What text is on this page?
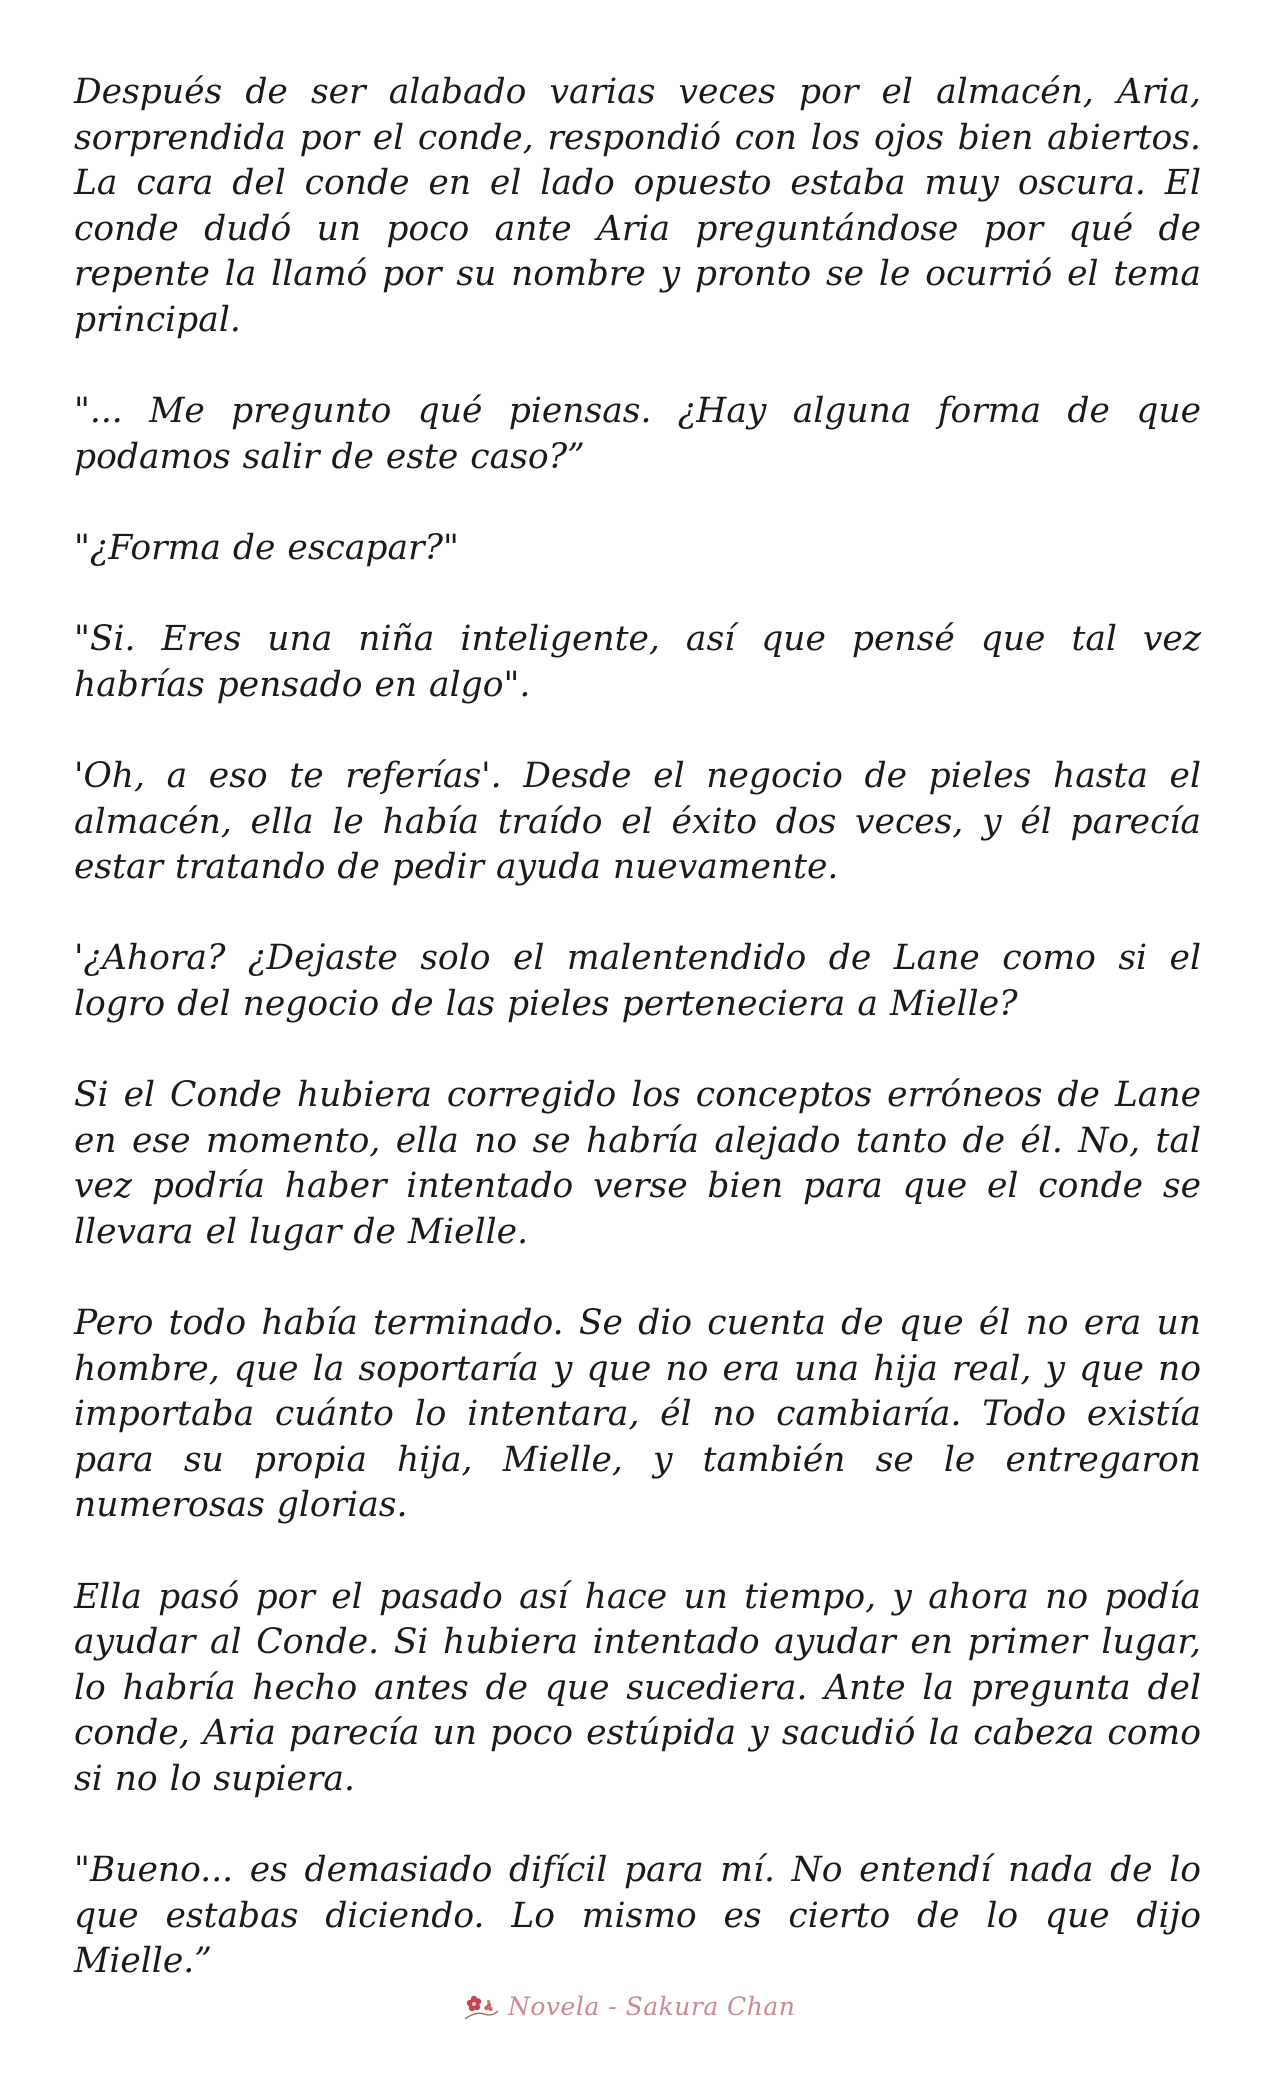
Después de ser alabado varias veces por el almacén, Aria, sorprendida por el conde, respondió con los ojos bien abiertos. La cara del conde en el lado opuesto estaba muy oscura. El conde dudó un poco ante Aria preguntándose por qué de repente la llamó por su nombre y pronto se le ocurrió el tema principal.

"... Me pregunto qué piensas. ¿Hay alguna forma de que podamos salir de este caso?”

"¿Forma de escapar?"

"Si. Eres una niña inteligente, así que pensé que tal vez habrías pensado en algo".

'Oh, a eso te referías'. Desde el negocio de pieles hasta el almacén, ella le había traído el éxito dos veces, y él parecía estar tratando de pedir ayuda nuevamente.

'¿Ahora? ¿Dejaste solo el malentendido de Lane como si el logro del negocio de las pieles perteneciera a Mielle?

Si el Conde hubiera corregido los conceptos erróneos de Lane en ese momento, ella no se habría alejado tanto de él. No, tal vez podría haber intentado verse bien para que el conde se llevara el lugar de Mielle.

Pero todo había terminado. Se dio cuenta de que él no era un hombre, que la soportaría y que no era una hija real, y que no importaba cuánto lo intentara, él no cambiaría. Todo existía para su propia hija, Mielle, y también se le entregaron numerosas glorias.

Ella pasó por el pasado así hace un tiempo, y ahora no podía ayudar al Conde. Si hubiera intentado ayudar en primer lugar, lo habría hecho antes de que sucediera. Ante la pregunta del conde, Aria parecía un poco estúpida y sacudió la cabeza como si no lo supiera.

"Bueno... es demasiado difícil para mí. No entendí nada de lo que estabas diciendo. Lo mismo es cierto de lo que dijo Mielle.”

Novela - Sakura Chan
